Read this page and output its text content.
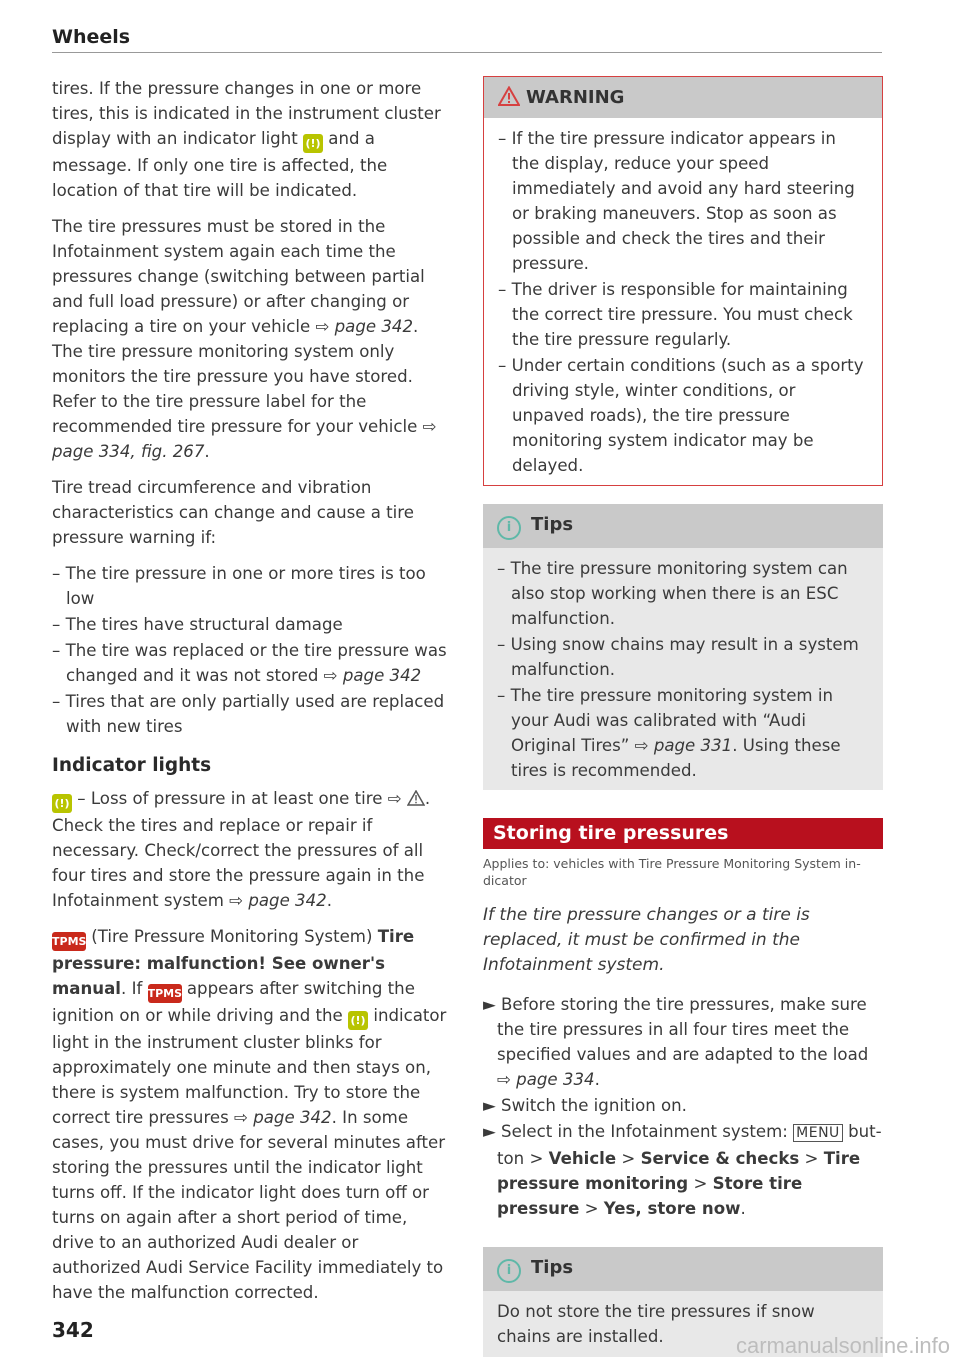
Wheels

tires. If the pressure changes in one or more tires, this is indicated in the instrument cluster display with an indicator light (!) and a message. If only one tire is affected, the location of that tire will be indicated.

The tire pressures must be stored in the Infotainment system again each time the pressures change (switching between partial and full load pressure) or after changing or replacing a tire on your vehicle ⇨ page 342. The tire pressure monitoring system only monitors the tire pressure you have stored. Refer to the tire pressure label for the recommended tire pressure for your vehicle ⇨ page 334, fig. 267.

Tire tread circumference and vibration characteristics can change and cause a tire pressure warning if:

– The tire pressure in one or more tires is too low
– The tires have structural damage
– The tire was replaced or the tire pressure was changed and it was not stored ⇨ page 342
– Tires that are only partially used are replaced with new tires
Indicator lights

(!) – Loss of pressure in at least one tire ⇨ . Check the tires and replace or repair if necessary. Check/correct the pressures of all four tires and store the pressure again in the Infotainment system ⇨ page 342.

TPMS (Tire Pressure Monitoring System) Tire pressure: malfunction! See owner's manual. If TPMS appears after switching the ignition on or while driving and the (!) indicator light in the instrument cluster blinks for approximately one minute and then stays on, there is system malfunction. Try to store the correct tire pressures ⇨ page 342. In some cases, you must drive for several minutes after storing the pressures until the indicator light turns off. If the indicator light does turn off or turns on again after a short period of time, drive to an authorized Audi dealer or authorized Audi Service Facility immediately to have the malfunction corrected.

WARNING
– If the tire pressure indicator appears in the display, reduce your speed immediately and avoid any hard steering or braking maneuvers. Stop as soon as possible and check the tires and their pressure.
– The driver is responsible for maintaining the correct tire pressure. You must check the tire pressure regularly.
– Under certain conditions (such as a sporty driving style, winter conditions, or unpaved roads), the tire pressure monitoring system indicator may be delayed.
i Tips
– The tire pressure monitoring system can also stop working when there is an ESC malfunction.
– Using snow chains may result in a system malfunction.
– The tire pressure monitoring system in your Audi was calibrated with “Audi Original Tires” ⇨ page 331. Using these tires is recommended.
Storing tire pressures
Applies to: vehicles with Tire Pressure Monitoring System indicator

If the tire pressure changes or a tire is replaced, it must be confirmed in the Infotainment system.

► Before storing the tire pressures, make sure the tire pressures in all four tires meet the specified values and are adapted to the load ⇨ page 334.
► Switch the ignition on.
► Select in the Infotainment system: MENU button > Vehicle > Service & checks > Tire pressure monitoring > Store tire pressure > Yes, store now.
i Tips
Do not store the tire pressures if snow chains are installed.
342
carmanualsonline.info
